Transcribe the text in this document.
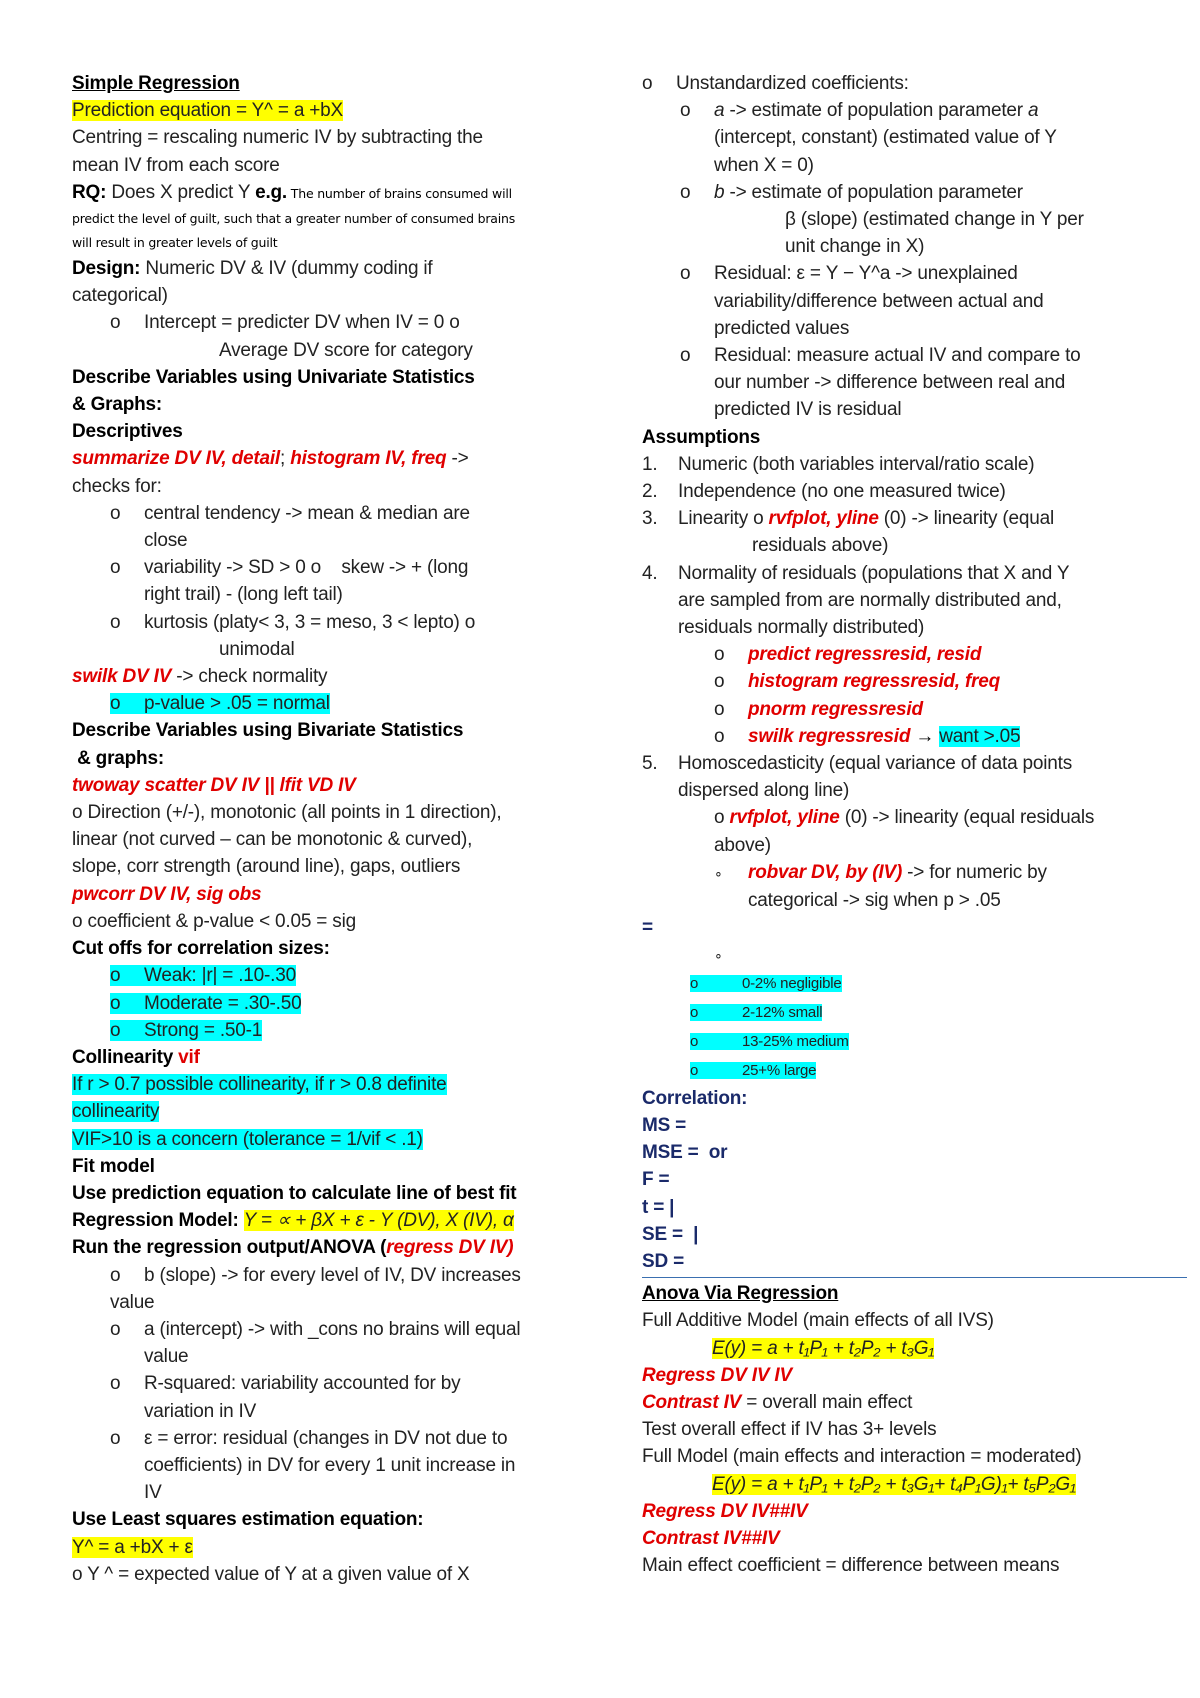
Simple Regression
Prediction equation = Y^ = a +bX
Centring = rescaling numeric IV by subtracting the
mean IV from each score
RQ: Does X predict Y e.g. The number of brains consumed will
predict the level of guilt, such that a greater number of consumed brains
will result in greater levels of guilt
Design: Numeric DV & IV (dummy coding if
categorical)
o Intercept = predicter DV when IV = 0 o
Average DV score for category
Describe Variables using Univariate Statistics
& Graphs:
Descriptives
summarize DV IV, detail; histogram IV, freq ->
checks for:
o central tendency -> mean & median are
close
o variability -> SD > 0 o    skew -> + (long
right trail) - (long left tail)
o kurtosis (platy< 3, 3 = meso, 3 < lepto) o
unimodal
swilk DV IV -> check normality
o p-value > .05 = normal
Describe Variables using Bivariate Statistics
& graphs:
twoway scatter DV IV || lfit VD IV
o Direction (+/-), monotonic (all points in 1 direction),
linear (not curved – can be monotonic & curved),
slope, corr strength (around line), gaps, outliers
pwcorr DV IV, sig obs
o coefficient & p-value < 0.05 = sig
Cut offs for correlation sizes:
o Weak: |r| = .10-.30
o Moderate = .30-.50
o Strong = .50-1
Collinearity vif
If r > 0.7 possible collinearity, if r > 0.8 definite
collinearity
VIF>10 is a concern (tolerance = 1/vif < .1)
Fit model
Use prediction equation to calculate line of best fit
Regression Model: Y = ∝ + βX + ε - Y (DV), X (IV), α
Run the regression output/ANOVA (regress DV IV)
o b (slope) -> for every level of IV, DV increases
value
o a (intercept) -> with _cons no brains will equal
value
o R-squared: variability accounted for by
variation in IV
o ε = error: residual (changes in DV not due to
coefficients) in DV for every 1 unit increase in
IV
Use Least squares estimation equation:
Y^ = a +bX + ε
o Y ^ = expected value of Y at a given value of X
o Unstandardized coefficients:
o a -> estimate of population parameter a
(intercept, constant) (estimated value of Y
when X = 0)
o b -> estimate of population parameter
β (slope) (estimated change in Y per
unit change in X)
o Residual: ε = Y − Y^a -> unexplained
variability/difference between actual and
predicted values
o Residual: measure actual IV and compare to
our number -> difference between real and
predicted IV is residual
Assumptions
1. Numeric (both variables interval/ratio scale)
2. Independence (no one measured twice)
3. Linearity o rvfplot, yline (0) -> linearity (equal
residuals above)
4. Normality of residuals (populations that X and Y
are sampled from are normally distributed and,
residuals normally distributed)
o predict regressresid, resid
o histogram regressresid, freq
o pnorm regressresid
o swilk regressresid → want >.05
5. Homoscedasticity (equal variance of data points
dispersed along line)
o rvfplot, yline (0) -> linearity (equal residuals
above)
∘ robvar DV, by (IV) -> for numeric by
categorical -> sig when p > .05
=
∘
o	0-2% negligible
o	2-12% small
o	13-25% medium
o	25+% large
Correlation:
MS =
MSE =  or
F =
t = |
SE =  |
SD =
Anova Via Regression
Full Additive Model (main effects of all IVS)
E(y) = a + t₁P₁ + t₂P₂ + t₃G₁
Regress DV IV IV
Contrast IV = overall main effect
Test overall effect if IV has 3+ levels
Full Model (main effects and interaction = moderated)
E(y) = a + t₁P₁ + t₂P₂ + t₃G₁+ t₄P₁G)₁+ t₅P₂G₁
Regress DV IV##IV
Contrast IV##IV
Main effect coefficient = difference between means
